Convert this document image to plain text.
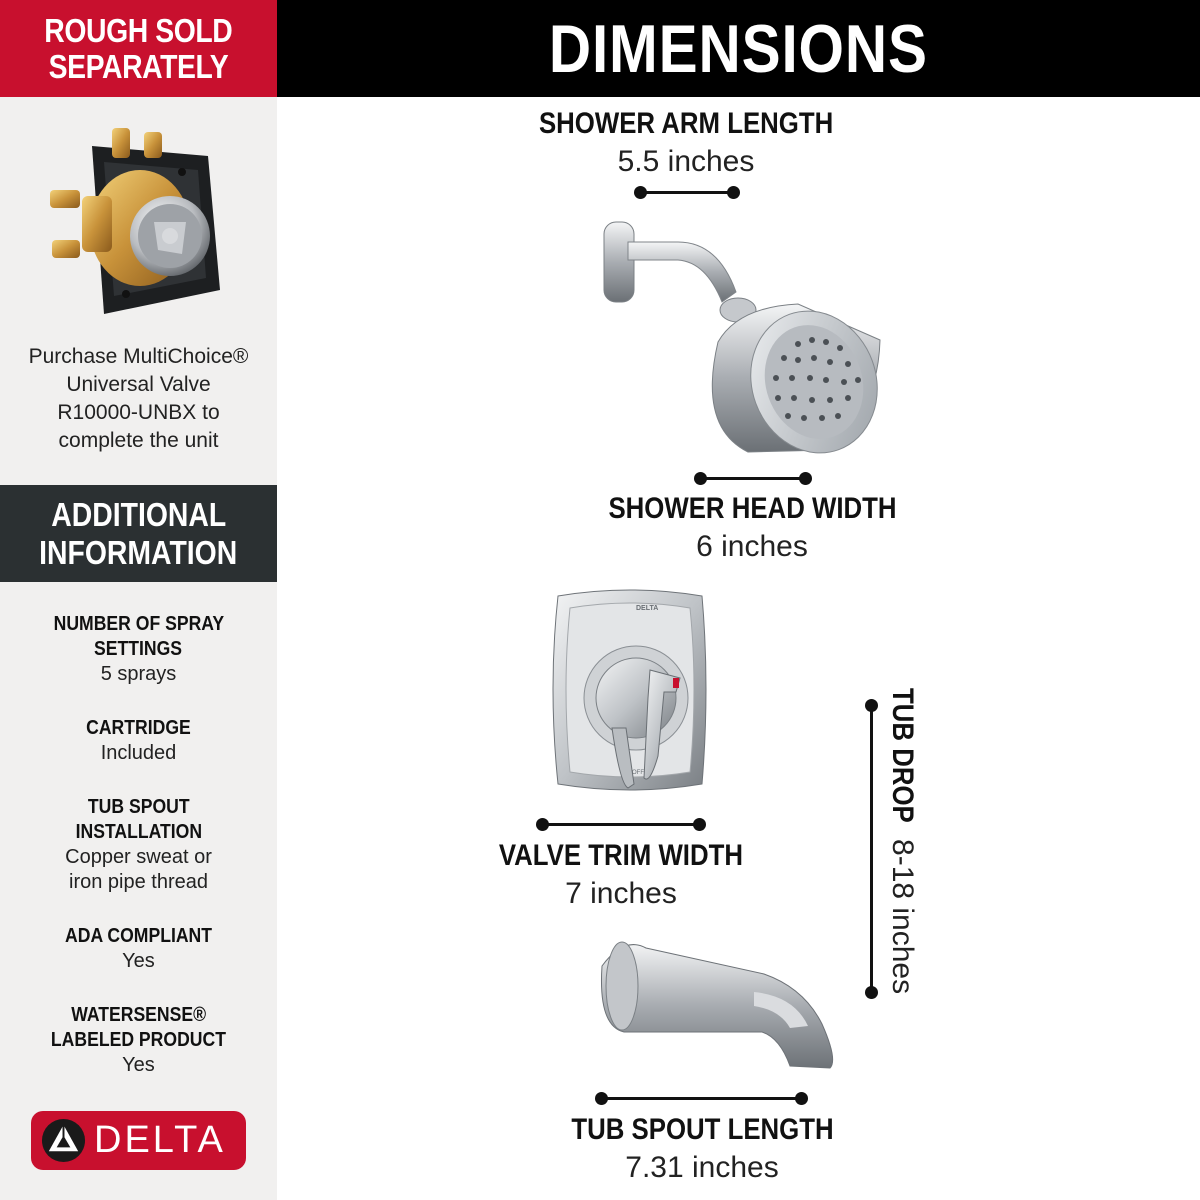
ROUGH SOLD
SEPARATELY
Purchase MultiChoice®
Universal Valve
R10000-UNBX to
complete the unit
ADDITIONAL
INFORMATION
NUMBER OF SPRAY
SETTINGS
5 sprays
CARTRIDGE
Included
TUB SPOUT
INSTALLATION
Copper sweat or
iron pipe thread
ADA COMPLIANT
Yes
WATERSENSE®
LABELED PRODUCT
Yes
DELTA
DIMENSIONS
SHOWER ARM LENGTH
5.5 inches
SHOWER HEAD WIDTH
6 inches
DELTA
OFF
VALVE TRIM WIDTH
7 inches
TUB DROP 8-18 inches
TUB SPOUT LENGTH
7.31 inches
